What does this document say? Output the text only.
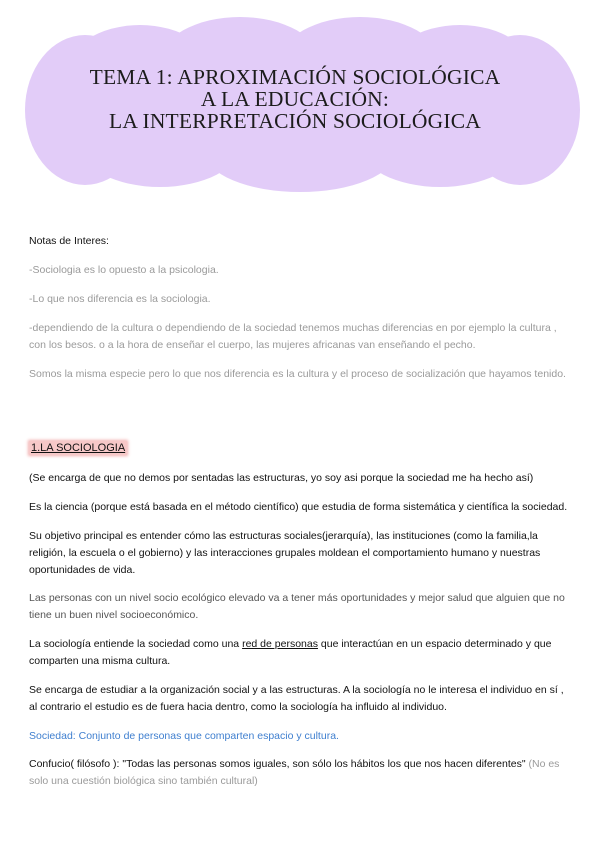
TEMA 1: APROXIMACIÓN SOCIOLÓGICA
A LA EDUCACIÓN:
LA INTERPRETACIÓN SOCIOLÓGICA
Notas de Interes:
-Sociologia es lo opuesto a la psicologia.
-Lo que nos diferencia es la sociologia.
-dependiendo de la cultura o dependiendo de la sociedad tenemos muchas diferencias en por ejemplo la cultura , con los besos. o a la hora de enseñar el cuerpo, las mujeres africanas van enseñando el pecho.
Somos la misma especie pero lo que nos diferencia es la cultura y el proceso de socialización que hayamos tenido.
1.LA SOCIOLOGIA
(Se encarga de que no demos por sentadas las estructuras, yo soy asi porque la sociedad me ha hecho así)
Es la ciencia (porque está basada en el método científico) que estudia de forma sistemática y científica la sociedad.
Su objetivo principal es entender cómo las estructuras sociales(jerarquía), las instituciones (como la familia,la religión, la escuela o el gobierno) y las interacciones grupales moldean el comportamiento humano y nuestras oportunidades de vida.
Las personas con un nivel socio ecológico elevado va a tener más oportunidades y mejor salud que alguien que no tiene un buen nivel socioeconómico.
La sociología entiende la sociedad como una red de personas que interactúan en un espacio determinado y que comparten una misma cultura.
Se encarga de estudiar a la organización social y a las estructuras. A la sociología no le interesa el individuo en sí , al contrario el estudio es de fuera hacia dentro, como la sociología ha influido al individuo.
Sociedad: Conjunto de personas que comparten espacio y cultura.
Confucio( filósofo ): "Todas las personas somos iguales, son sólo los hábitos los que nos hacen diferentes" (No es solo una cuestión biológica sino también cultural)
